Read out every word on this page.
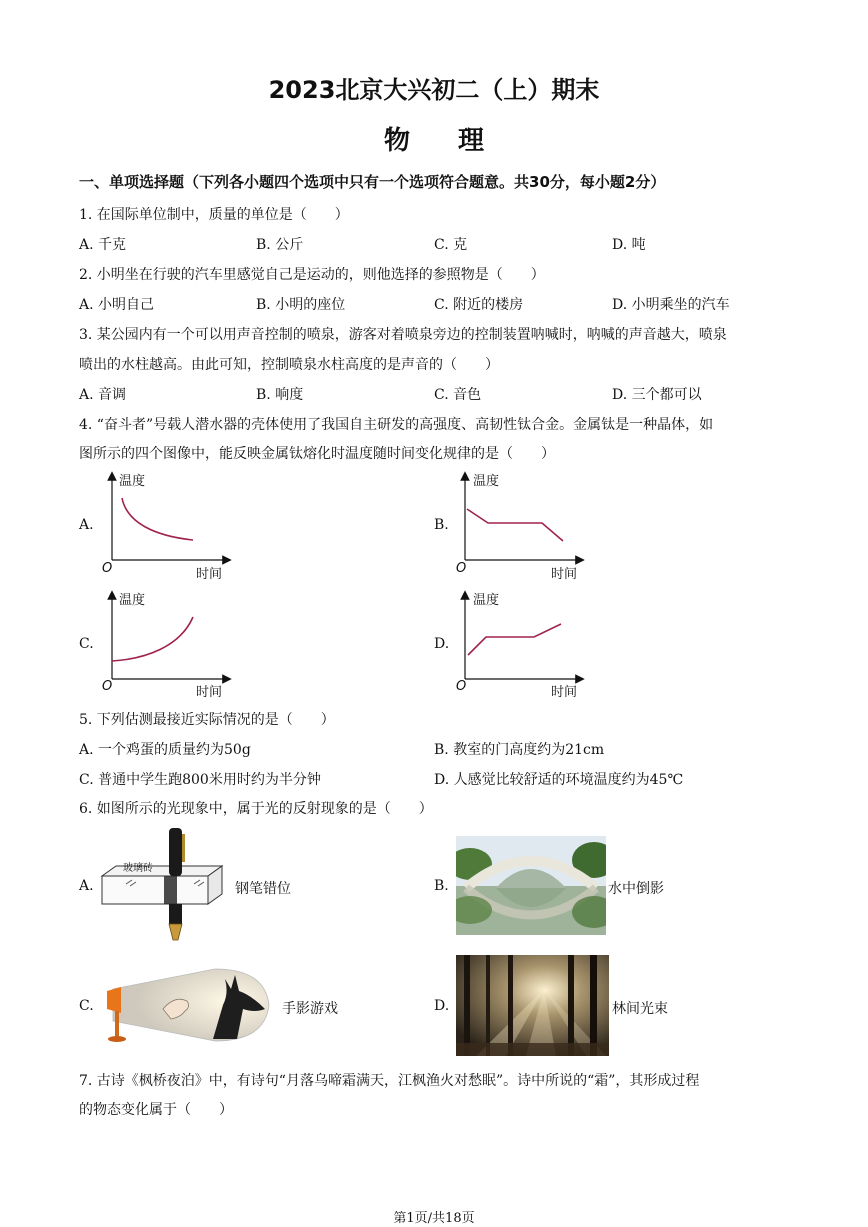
2023北京大兴初二（上）期末
物理
一、单项选择题（下列各小题四个选项中只有一个选项符合题意。共30分，每小题2分）
1. 在国际单位制中，质量的单位是（　　）
A. 千克	B. 公斤	C. 克	D. 吨
2. 小明坐在行驶的汽车里感觉自己是运动的，则他选择的参照物是（　　）
A. 小明自己	B. 小明的座位	C. 附近的楼房	D. 小明乘坐的汽车
3. 某公园内有一个可以用声音控制的喷泉，游客对着喷泉旁边的控制装置呐喊时，呐喊的声音越大，喷泉
喷出的水柱越高。由此可知，控制喷泉水柱高度的是声音的（　　）
A. 音调	B. 响度	C. 音色	D. 三个都可以
4. “奋斗者”号载人潜水器的壳体使用了我国自主研发的高强度、高韧性钛合金。金属钛是一种晶体，如
图所示的四个图像中，能反映金属钛熔化时温度随时间变化规律的是（　　）
A.
温度
时间
O
B.
温度
时间
O
C.
温度
时间
O
D.
温度
时间
O
5. 下列估测最接近实际情况的是（　　）
A. 一个鸡蛋的质量约为50g	B. 教室的门高度约为21cm
C. 普通中学生跑800米用时约为半分钟	D. 人感觉比较舒适的环境温度约为45℃
6. 如图所示的光现象中，属于光的反射现象的是（　　）
A.
玻璃砖
钢笔错位	B.	水中倒影
C.	手影游戏	D.	林间光束
7. 古诗《枫桥夜泊》中，有诗句“月落乌啼霜满天，江枫渔火对愁眠”。诗中所说的“霜”，其形成过程
的物态变化属于（　　）
第1页/共18页
